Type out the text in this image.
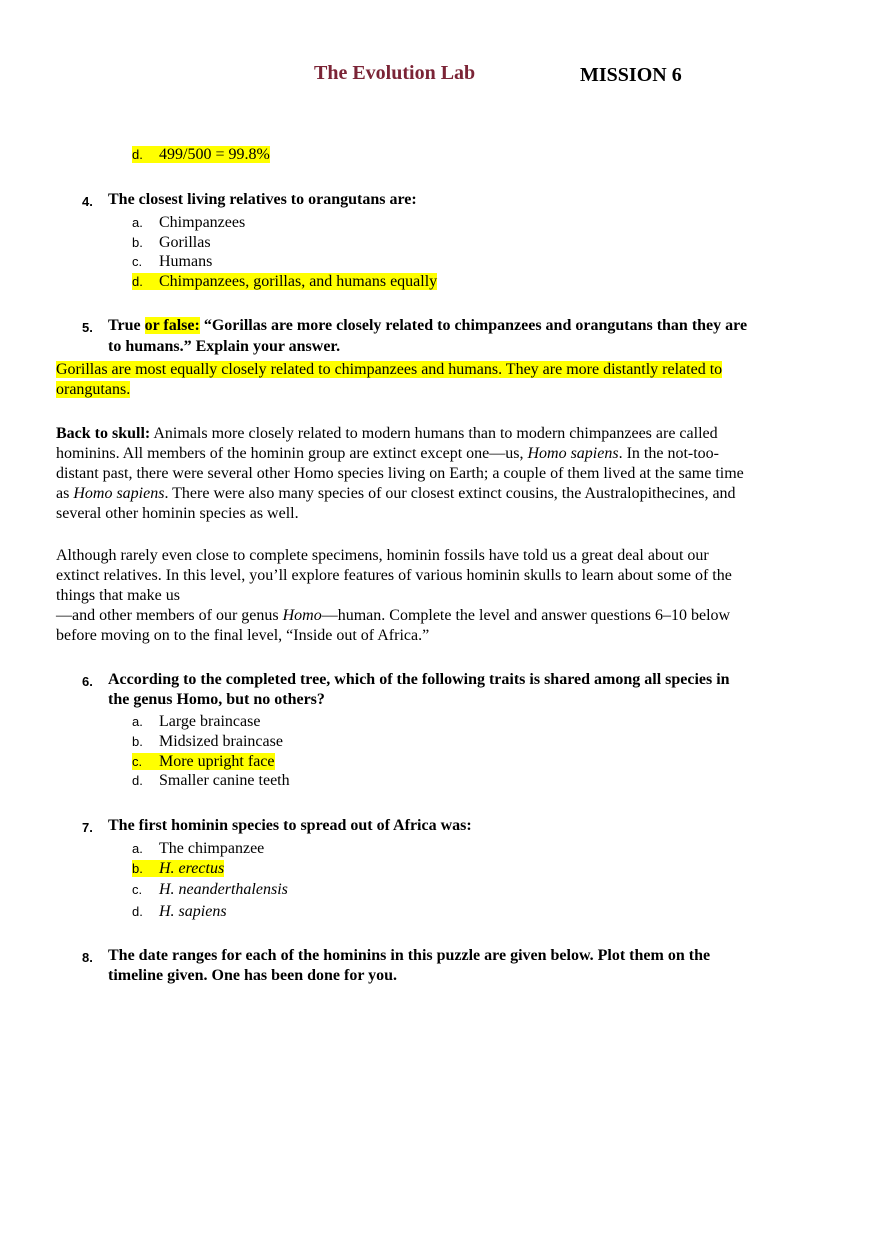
The Evolution Lab	MISSION 6
d. 499/500 = 99.8%
4. The closest living relatives to orangutans are:
a. Chimpanzees
b. Gorillas
c. Humans
d. Chimpanzees, gorillas, and humans equally
5. True or false: “Gorillas are more closely related to chimpanzees and orangutans than they are
to humans.” Explain your answer.
Gorillas are most equally closely related to chimpanzees and humans. They are more distantly related to
orangutans.
Back to skull: Animals more closely related to modern humans than to modern chimpanzees are called
hominins. All members of the hominin group are extinct except one—us, Homo sapiens. In the not-too-
distant past, there were several other Homo species living on Earth; a couple of them lived at the same time
as Homo sapiens. There were also many species of our closest extinct cousins, the Australopithecines, and
several other hominin species as well.
Although rarely even close to complete specimens, hominin fossils have told us a great deal about our
extinct relatives. In this level, you’ll explore features of various hominin skulls to learn about some of the
things that make us
—and other members of our genus Homo—human. Complete the level and answer questions 6–10 below
before moving on to the final level, “Inside out of Africa.”
6. According to the completed tree, which of the following traits is shared among all species in
the genus Homo, but no others?
a. Large braincase
b. Midsized braincase
c. More upright face
d. Smaller canine teeth
7. The first hominin species to spread out of Africa was:
a. The chimpanzee
b. H. erectus
c. H. neanderthalensis
d. H. sapiens
8. The date ranges for each of the hominins in this puzzle are given below. Plot them on the
timeline given. One has been done for you.
